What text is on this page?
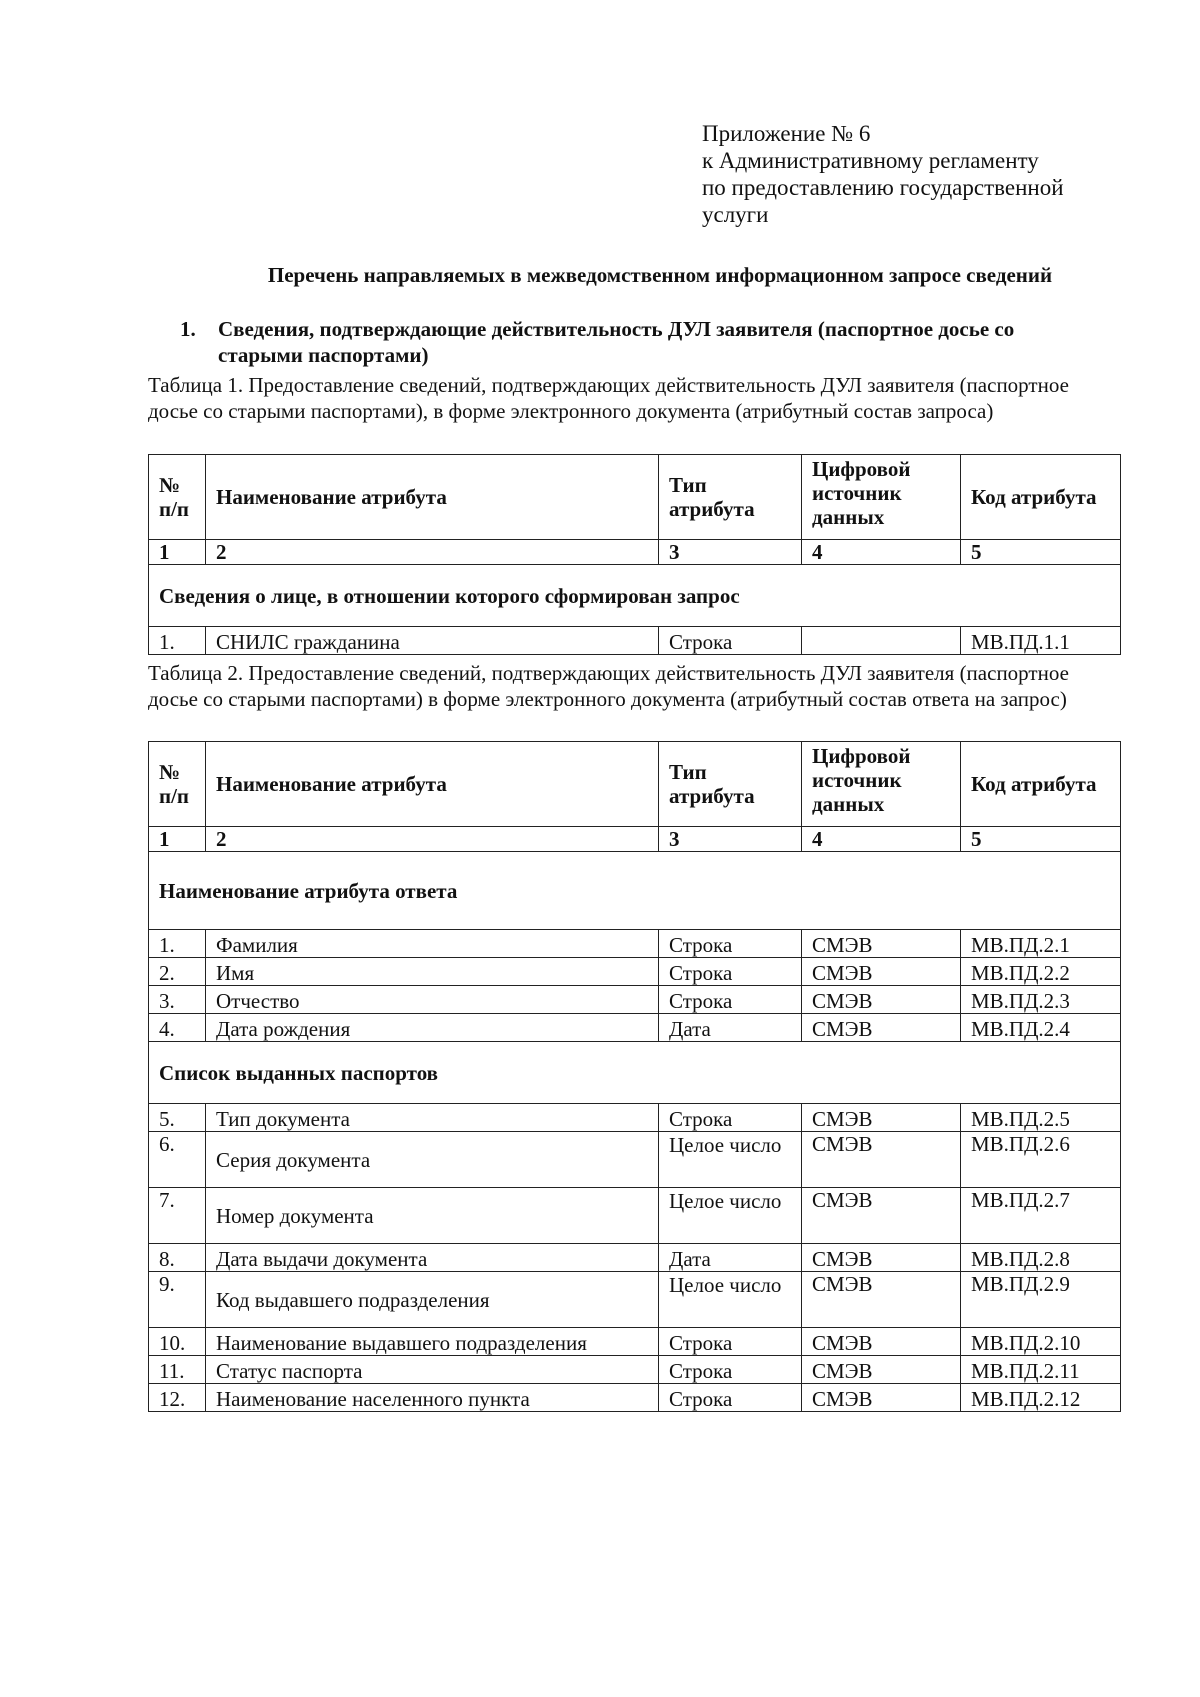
Приложение № 6
к Административному регламенту
по предоставлению государственной
услуги
Перечень направляемых в межведомственном информационном запросе сведений
1. Сведения, подтверждающие действительность ДУЛ заявителя (паспортное досье со старыми паспортами)
Таблица 1. Предоставление сведений, подтверждающих действительность ДУЛ заявителя (паспортное досье со старыми паспортами), в форме электронного документа (атрибутный состав запроса)
№ п/п	Наименование атрибута	Тип атрибута	Цифровой источник данных	Код атрибута
1	2	3	4	5
Сведения о лице, в отношении которого сформирован запрос				
1.	СНИЛС гражданина	Строка		МВ.ПД.1.1
Таблица 2. Предоставление сведений, подтверждающих действительность ДУЛ заявителя (паспортное досье со старыми паспортами) в форме электронного документа (атрибутный состав ответа на запрос)
№ п/п	Наименование атрибута	Тип атрибута	Цифровой источник данных	Код атрибута
1	2	3	4	5
Наименование атрибута ответа				
1.	Фамилия	Строка	СМЭВ	МВ.ПД.2.1
2.	Имя	Строка	СМЭВ	МВ.ПД.2.2
3.	Отчество	Строка	СМЭВ	МВ.ПД.2.3
4.	Дата рождения	Дата	СМЭВ	МВ.ПД.2.4
Список выданных паспортов				
5.	Тип документа	Строка	СМЭВ	МВ.ПД.2.5
6.	Серия документа	Целое число	СМЭВ	МВ.ПД.2.6
7.	Номер документа	Целое число	СМЭВ	МВ.ПД.2.7
8.	Дата выдачи документа	Дата	СМЭВ	МВ.ПД.2.8
9.	Код выдавшего подразделения	Целое число	СМЭВ	МВ.ПД.2.9
10.	Наименование выдавшего подразделения	Строка	СМЭВ	МВ.ПД.2.10
11.	Статус паспорта	Строка	СМЭВ	МВ.ПД.2.11
12.	Наименование населенного пункта	Строка	СМЭВ	МВ.ПД.2.12
